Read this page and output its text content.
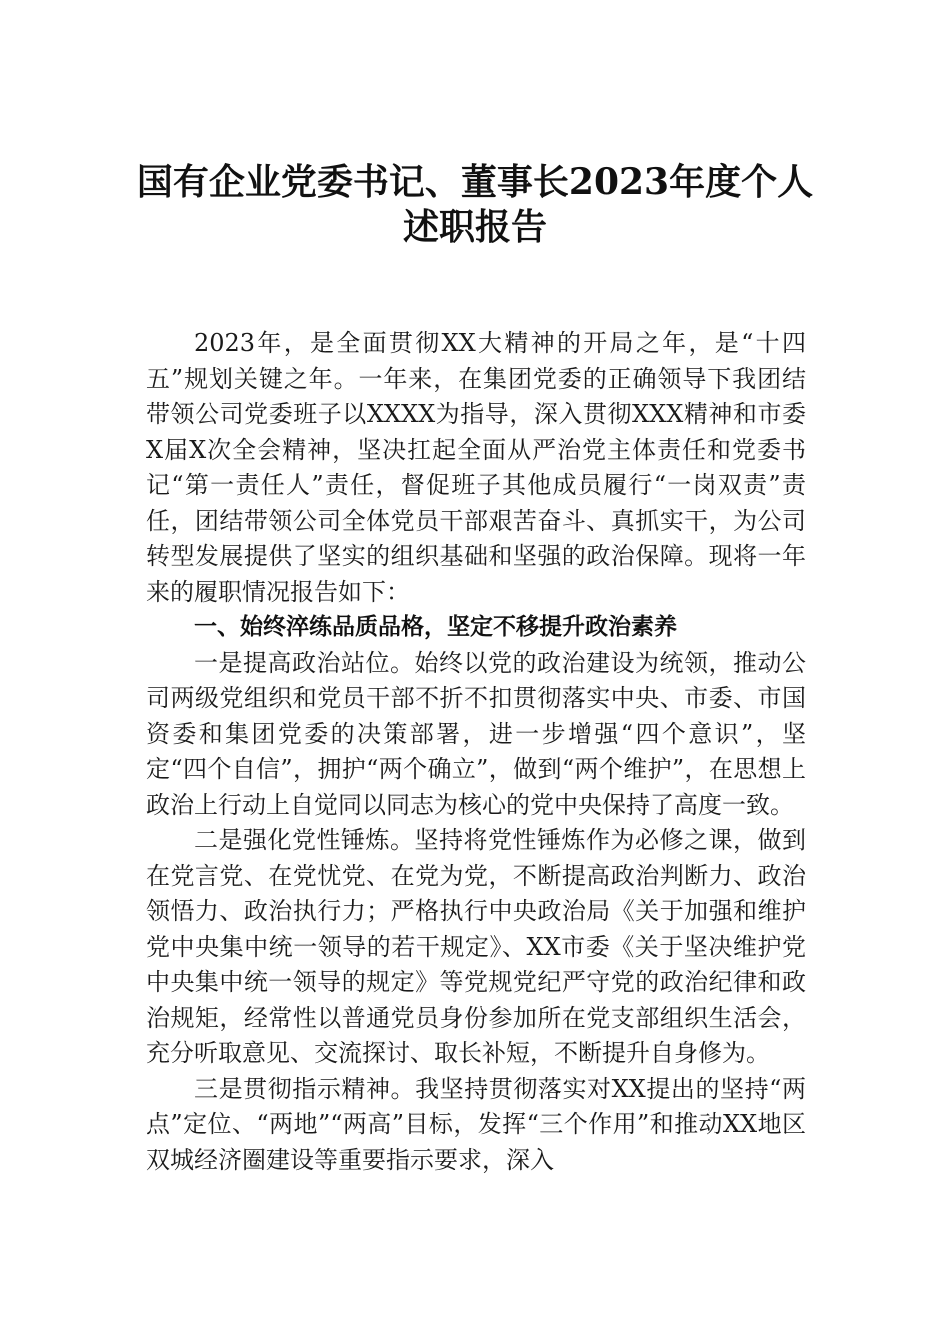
国有企业党委书记、董事长2023年度个人
述职报告

2023年，是全面贯彻XX大精神的开局之年，是“十四五”规划关键之年。一年来，在集团党委的正确领导下我团结带领公司党委班子以XXXX为指导，深入贯彻XXX精神和市委X届X次全会精神，坚决扛起全面从严治党主体责任和党委书记“第一责任人”责任，督促班子其他成员履行“一岗双责”责任，团结带领公司全体党员干部艰苦奋斗、真抓实干，为公司转型发展提供了坚实的组织基础和坚强的政治保障。现将一年来的履职情况报告如下：

一、始终淬练品质品格，坚定不移提升政治素养

一是提高政治站位。始终以党的政治建设为统领，推动公司两级党组织和党员干部不折不扣贯彻落实中央、市委、市国资委和集团党委的决策部署，进一步增强“四个意识”，坚定“四个自信”，拥护“两个确立”，做到“两个维护”，在思想上政治上行动上自觉同以同志为核心的党中央保持了高度一致。

二是强化党性锤炼。坚持将党性锤炼作为必修之课，做到在党言党、在党忧党、在党为党，不断提高政治判断力、政治领悟力、政治执行力；严格执行中央政治局《关于加强和维护党中央集中统一领导的若干规定》、XX市委《关于坚决维护党中央集中统一领导的规定》等党规党纪严守党的政治纪律和政治规矩，经常性以普通党员身份参加所在党支部组织生活会，充分听取意见、交流探讨、取长补短，不断提升自身修为。

三是贯彻指示精神。我坚持贯彻落实对XX提出的坚持“两点”定位、“两地”“两高”目标，发挥“三个作用”和推动XX地区双城经济圈建设等重要指示要求，深入
